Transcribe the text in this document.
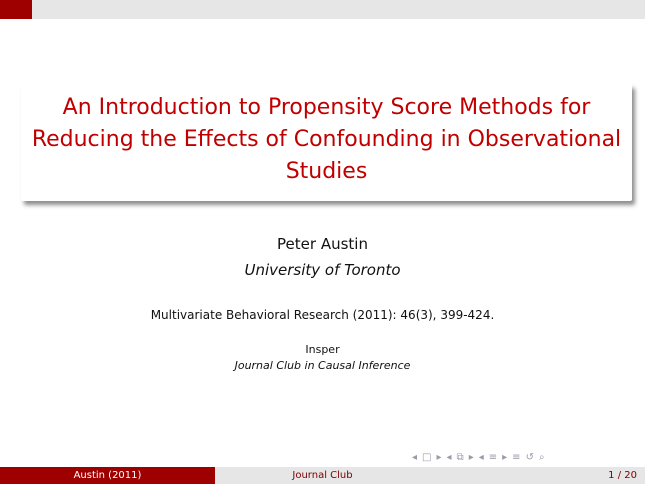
An Introduction to Propensity Score Methods for Reducing the Effects of Confounding in Observational Studies
Peter Austin
University of Toronto
Multivariate Behavioral Research (2011): 46(3), 399-424.
Insper
Journal Club in Causal Inference
◂ □ ▸ ◂ ⧉ ▸ ◂ ≡ ▸ ≡ ↺ ⌕
Austin (2011)	Journal Club	1 / 20
